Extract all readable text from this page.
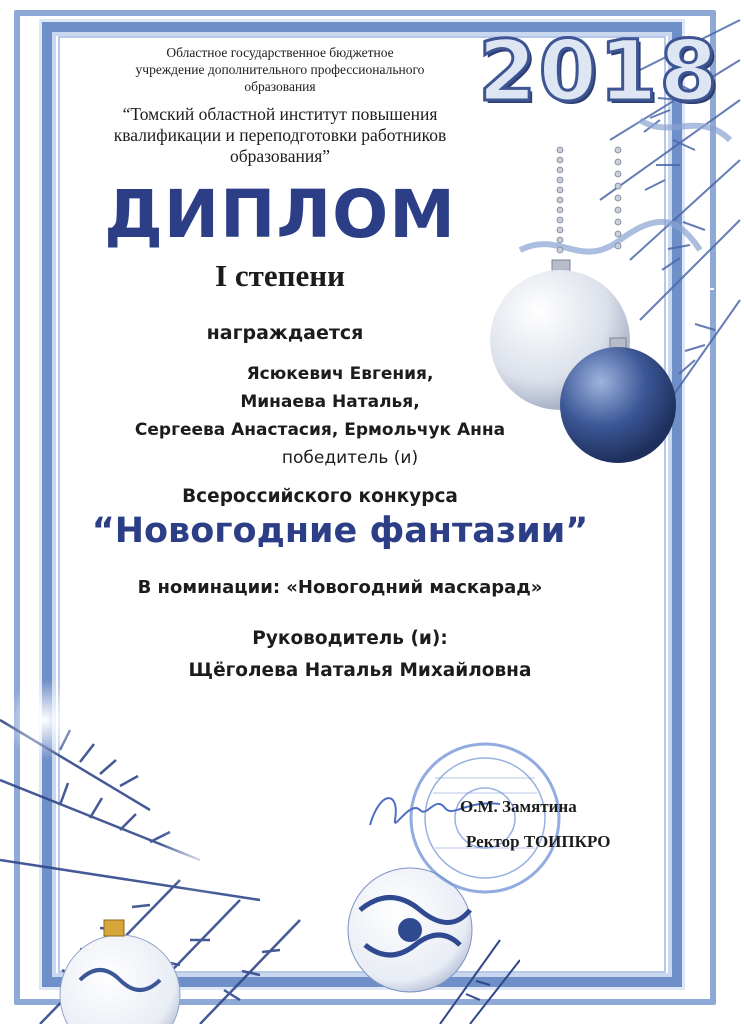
2018
Областное государственное бюджетное
учреждение дополнительного профессионального
образования
“Томский областной институт повышения
квалификации и переподготовки работников
образования”
ДИПЛОМ
I степени
награждается
Ясюкевич Евгения,
Минаева Наталья,
Сергеева Анастасия, Ермольчук Анна
победитель (и)
Всероссийского конкурса
“Новогодние фантазии”
В номинации: «Новогодний маскарад»
Руководитель (и):
Щёголева Наталья Михайловна
О.М. Замятина
Ректор ТОИПКРО
